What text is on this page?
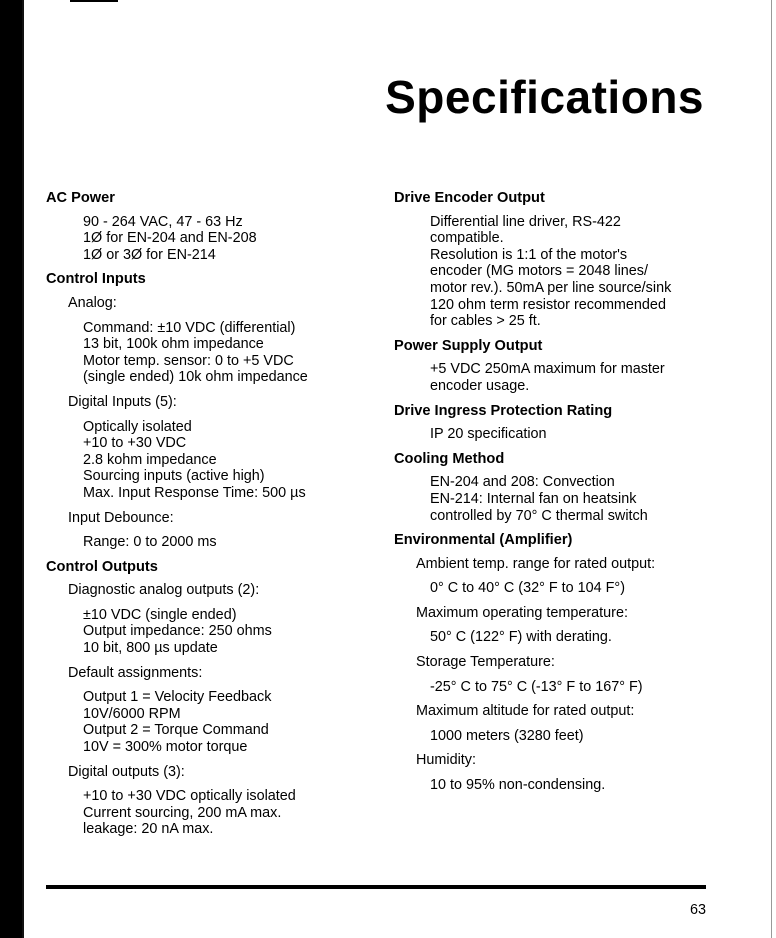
Specifications
AC Power
90 - 264 VAC, 47 - 63 Hz
1Ø for EN-204 and EN-208
1Ø or 3Ø for EN-214
Control Inputs
Analog:
Command: ±10 VDC (differential)
13 bit, 100k ohm impedance
Motor temp. sensor: 0 to +5 VDC
(single ended) 10k ohm impedance
Digital Inputs (5):
Optically isolated
+10 to +30 VDC
2.8 kohm impedance
Sourcing inputs (active high)
Max. Input Response Time: 500 µs
Input Debounce:
Range: 0 to 2000 ms
Control Outputs
Diagnostic analog outputs (2):
±10 VDC (single ended)
Output impedance: 250 ohms
10 bit, 800 µs update
Default assignments:
Output 1 = Velocity Feedback
10V/6000 RPM
Output 2 = Torque Command
10V = 300% motor torque
Digital outputs (3):
+10 to +30 VDC optically isolated
Current sourcing, 200 mA max.
leakage: 20 nA max.
Drive Encoder Output
Differential line driver, RS-422
compatible.
Resolution is 1:1 of the motor's
encoder (MG motors = 2048 lines/
motor rev.). 50mA per line source/sink
120 ohm term resistor recommended
for cables > 25 ft.
Power Supply Output
+5 VDC 250mA maximum for master
encoder usage.
Drive Ingress Protection Rating
IP 20 specification
Cooling Method
EN-204 and 208: Convection
EN-214: Internal fan on heatsink
controlled by 70° C thermal switch
Environmental (Amplifier)
Ambient temp. range for rated output:
0° C to 40° C (32° F to 104 F°)
Maximum operating temperature:
50° C (122° F) with derating.
Storage Temperature:
-25° C to 75° C (-13° F to 167° F)
Maximum altitude for rated output:
1000 meters (3280 feet)
Humidity:
10 to 95% non-condensing.
63
